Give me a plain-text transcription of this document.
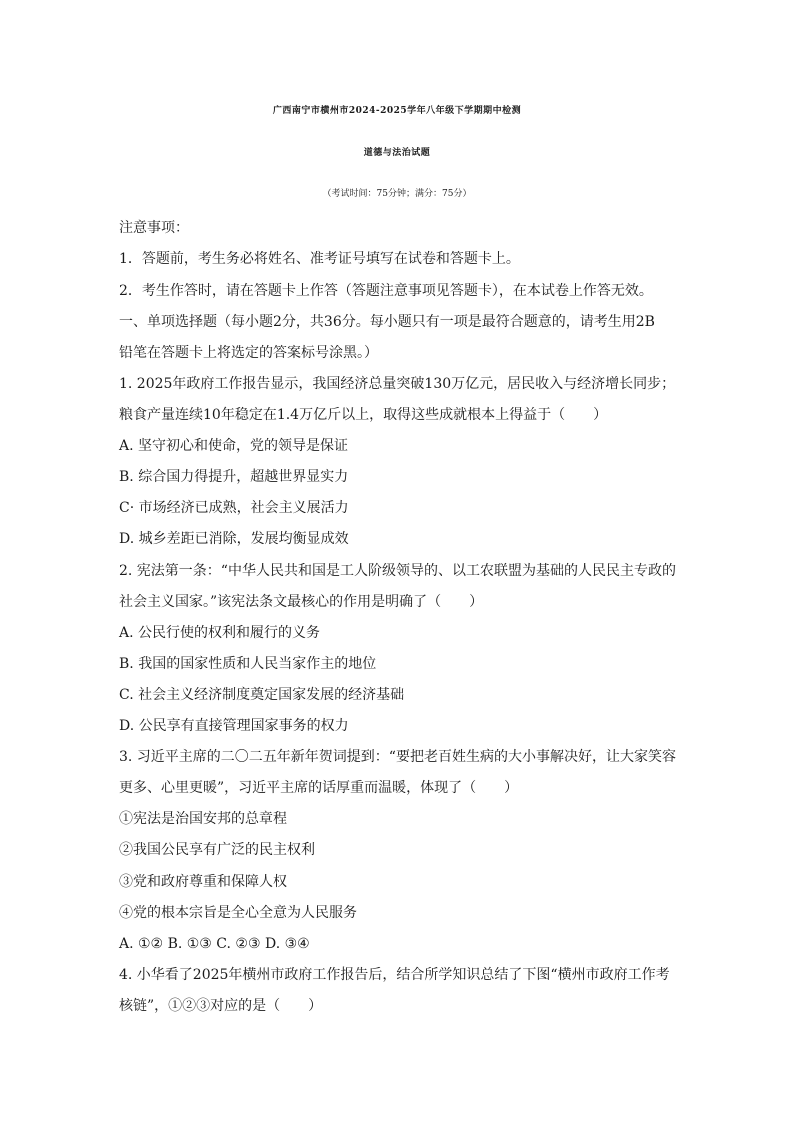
广西南宁市横州市2024-2025学年八年级下学期期中检测
道德与法治试题
（考试时间：75分钟；满分：75分）
注意事项：
1．答题前，考生务必将姓名、准考证号填写在试卷和答题卡上。
2．考生作答时，请在答题卡上作答（答题注意事项见答题卡），在本试卷上作答无效。
一、单项选择题（每小题2分，共36分。每小题只有一项是最符合题意的，请考生用2B
铅笔在答题卡上将选定的答案标号涂黑。）
1. 2025年政府工作报告显示，我国经济总量突破130万亿元，居民收入与经济增长同步；
粮食产量连续10年稳定在1.4万亿斤以上，取得这些成就根本上得益于（　　）
A. 坚守初心和使命，党的领导是保证
B. 综合国力得提升，超越世界显实力
C· 市场经济已成熟，社会主义展活力
D. 城乡差距已消除，发展均衡显成效
2. 宪法第一条：“中华人民共和国是工人阶级领导的、以工农联盟为基础的人民民主专政的
社会主义国家。”该宪法条文最核心的作用是明确了（　　）
A. 公民行使的权利和履行的义务
B. 我国的国家性质和人民当家作主的地位
C. 社会主义经济制度奠定国家发展的经济基础
D. 公民享有直接管理国家事务的权力
3. 习近平主席的二〇二五年新年贺词提到：“要把老百姓生病的大小事解决好，让大家笑容
更多、心里更暖”，习近平主席的话厚重而温暖，体现了（　　）
①宪法是治国安邦的总章程
②我国公民享有广泛的民主权利
③党和政府尊重和保障人权
④党的根本宗旨是全心全意为人民服务
A. ①② B. ①③ C. ②③ D. ③④
4. 小华看了2025年横州市政府工作报告后，结合所学知识总结了下图“横州市政府工作考
核链”，①②③对应的是（　　）
